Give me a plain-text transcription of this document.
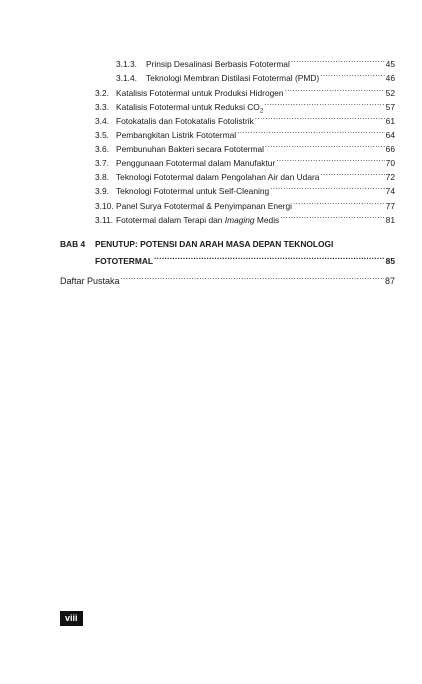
3.1.3.	Prinsip Desalinasi Berbasis Fototermal .....	45
3.1.4.	Teknologi Membran Distilasi Fototermal (PMD) .....	46
3.2. Katalisis Fototermal untuk Produksi Hidrogen .....	52
3.3. Katalisis Fototermal untuk Reduksi $CO_2$ .....	57
3.4. Fotokatalis dan Fotokatalis Fotolistrik .....	61
3.5. Pembangkitan Listrik Fototermal .....	64
3.6. Pembunuhan Bakteri secara Fototermal .....	66
3.7. Penggunaan Fototermal dalam Manufaktur .....	70
3.8. Teknologi Fototermal dalam Pengolahan Air dan Udara .....	72
3.9. Teknologi Fototermal untuk Self-Cleaning .....	74
3.10. Panel Surya Fototermal & Penyimpanan Energi .....	77
3.11. Fototermal dalam Terapi dan Imaging Medis .....	81
BAB 4 PENUTUP: POTENSI DAN ARAH MASA DEPAN TEKNOLOGI
FOTOTERMAL .....	85
Daftar Pustaka .....	87
viii
